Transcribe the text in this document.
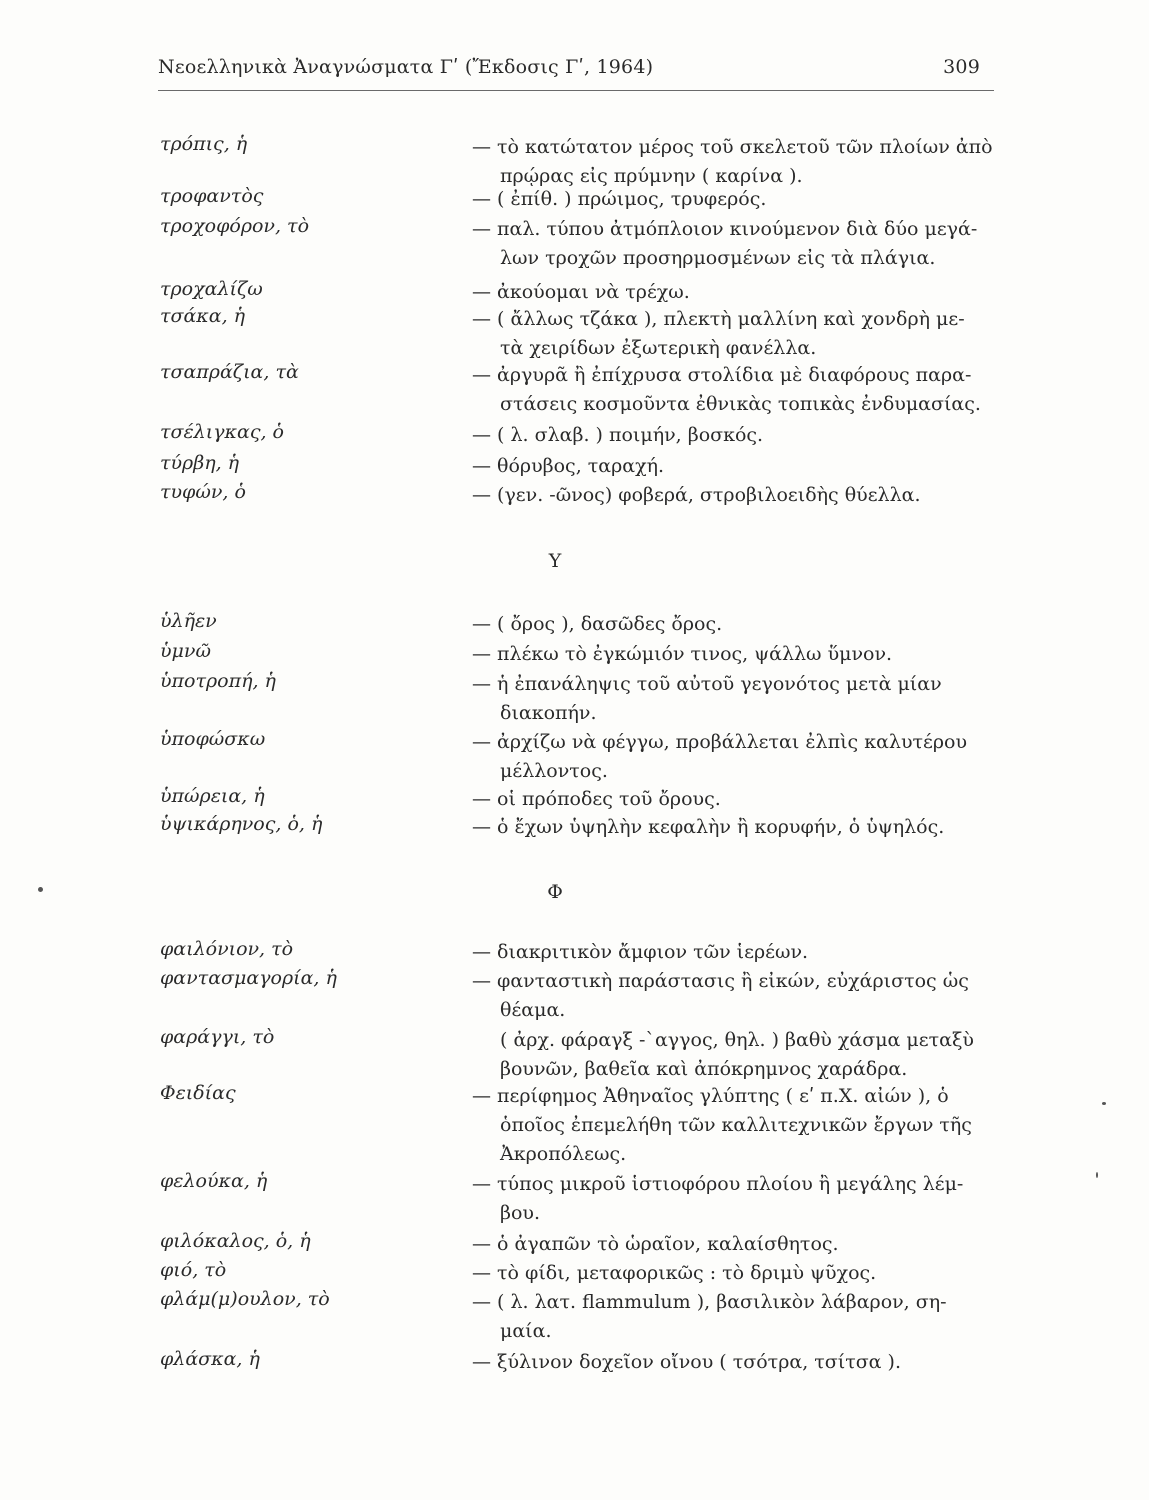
Νεοελληνικὰ Ἀναγνώσματα Γʹ (Ἔκδοσις Γʹ, 1964)	309
τρόπις, ἡ	— τὸ κατώτατον μέρος τοῦ σκελετοῦ τῶν πλοίων ἀπὸ
πρῴρας εἰς πρύμνην ( καρίνα ).
τροφαντὸς	— ( ἐπίθ. ) πρώιμος, τρυφερός.
τροχοφόρον, τὸ	— παλ. τύπου ἀτμόπλοιον κινούμενον διὰ δύο μεγά-
λων τροχῶν προσηρμοσμένων εἰς τὰ πλάγια.
τροχαλίζω	— ἀκούομαι νὰ τρέχω.
τσάκα, ἡ	— ( ἄλλως τζάκα ), πλεκτὴ μαλλίνη καὶ χονδρὴ με-
τὰ χειρίδων ἐξωτερικὴ φανέλλα.
τσαπράζια, τὰ	— ἀργυρᾶ ἢ ἐπίχρυσα στολίδια μὲ διαφόρους παρα-
στάσεις κοσμοῦντα ἐθνικὰς τοπικὰς ἐνδυμασίας.
τσέλιγκας, ὁ	— ( λ. σλαβ. ) ποιμήν, βοσκός.
τύρβη, ἡ	— θόρυβος, ταραχή.
τυφών, ὁ	— (γεν. -ῶνος) φοβερά, στροβιλοειδὴς θύελλα.
Υ
ὑλῆεν	— ( ὄρος ), δασῶδες ὄρος.
ὑμνῶ	— πλέκω τὸ ἐγκώμιόν τινος, ψάλλω ὕμνον.
ὑποτροπή, ἡ	— ἡ ἐπανάληψις τοῦ αὐτοῦ γεγονότος μετὰ μίαν
διακοπήν.
ὑποφώσκω	— ἀρχίζω νὰ φέγγω, προβάλλεται ἐλπὶς καλυτέρου
μέλλοντος.
ὑπώρεια, ἡ	— οἱ πρόποδες τοῦ ὄρους.
ὑψικάρηνος, ὁ, ἡ	— ὁ ἔχων ὑψηλὴν κεφαλὴν ἢ κορυφήν, ὁ ὑψηλός.
Φ
φαιλόνιον, τὸ	— διακριτικὸν ἄμφιον τῶν ἱερέων.
φαντασμαγορία, ἡ	— φανταστικὴ παράστασις ἢ εἰκών, εὐχάριστος ὡς
θέαμα.
φαράγγι, τὸ	( ἀρχ. φάραγξ -`αγγος, θηλ. ) βαθὺ χάσμα μεταξὺ
βουνῶν, βαθεῖα καὶ ἀπόκρημνος χαράδρα.
Φειδίας	— περίφημος Ἀθηναῖος γλύπτης ( εʹ π.Χ. αἰών ), ὁ
ὁποῖος ἐπεμελήθη τῶν καλλιτεχνικῶν ἔργων τῆς
Ἀκροπόλεως.
φελούκα, ἡ	— τύπος μικροῦ ἱστιοφόρου πλοίου ἢ μεγάλης λέμ-
βου.
φιλόκαλος, ὁ, ἡ	— ὁ ἀγαπῶν τὸ ὡραῖον, καλαίσθητος.
φιό, τὸ	— τὸ φίδι, μεταφορικῶς : τὸ δριμὺ ψῦχος.
φλάμ(μ)ουλον, τὸ	— ( λ. λατ. flammulum ), βασιλικὸν λάβαρον, ση-
μαία.
φλάσκα, ἡ	— ξύλινον δοχεῖον οἴνου ( τσότρα, τσίτσα ).
